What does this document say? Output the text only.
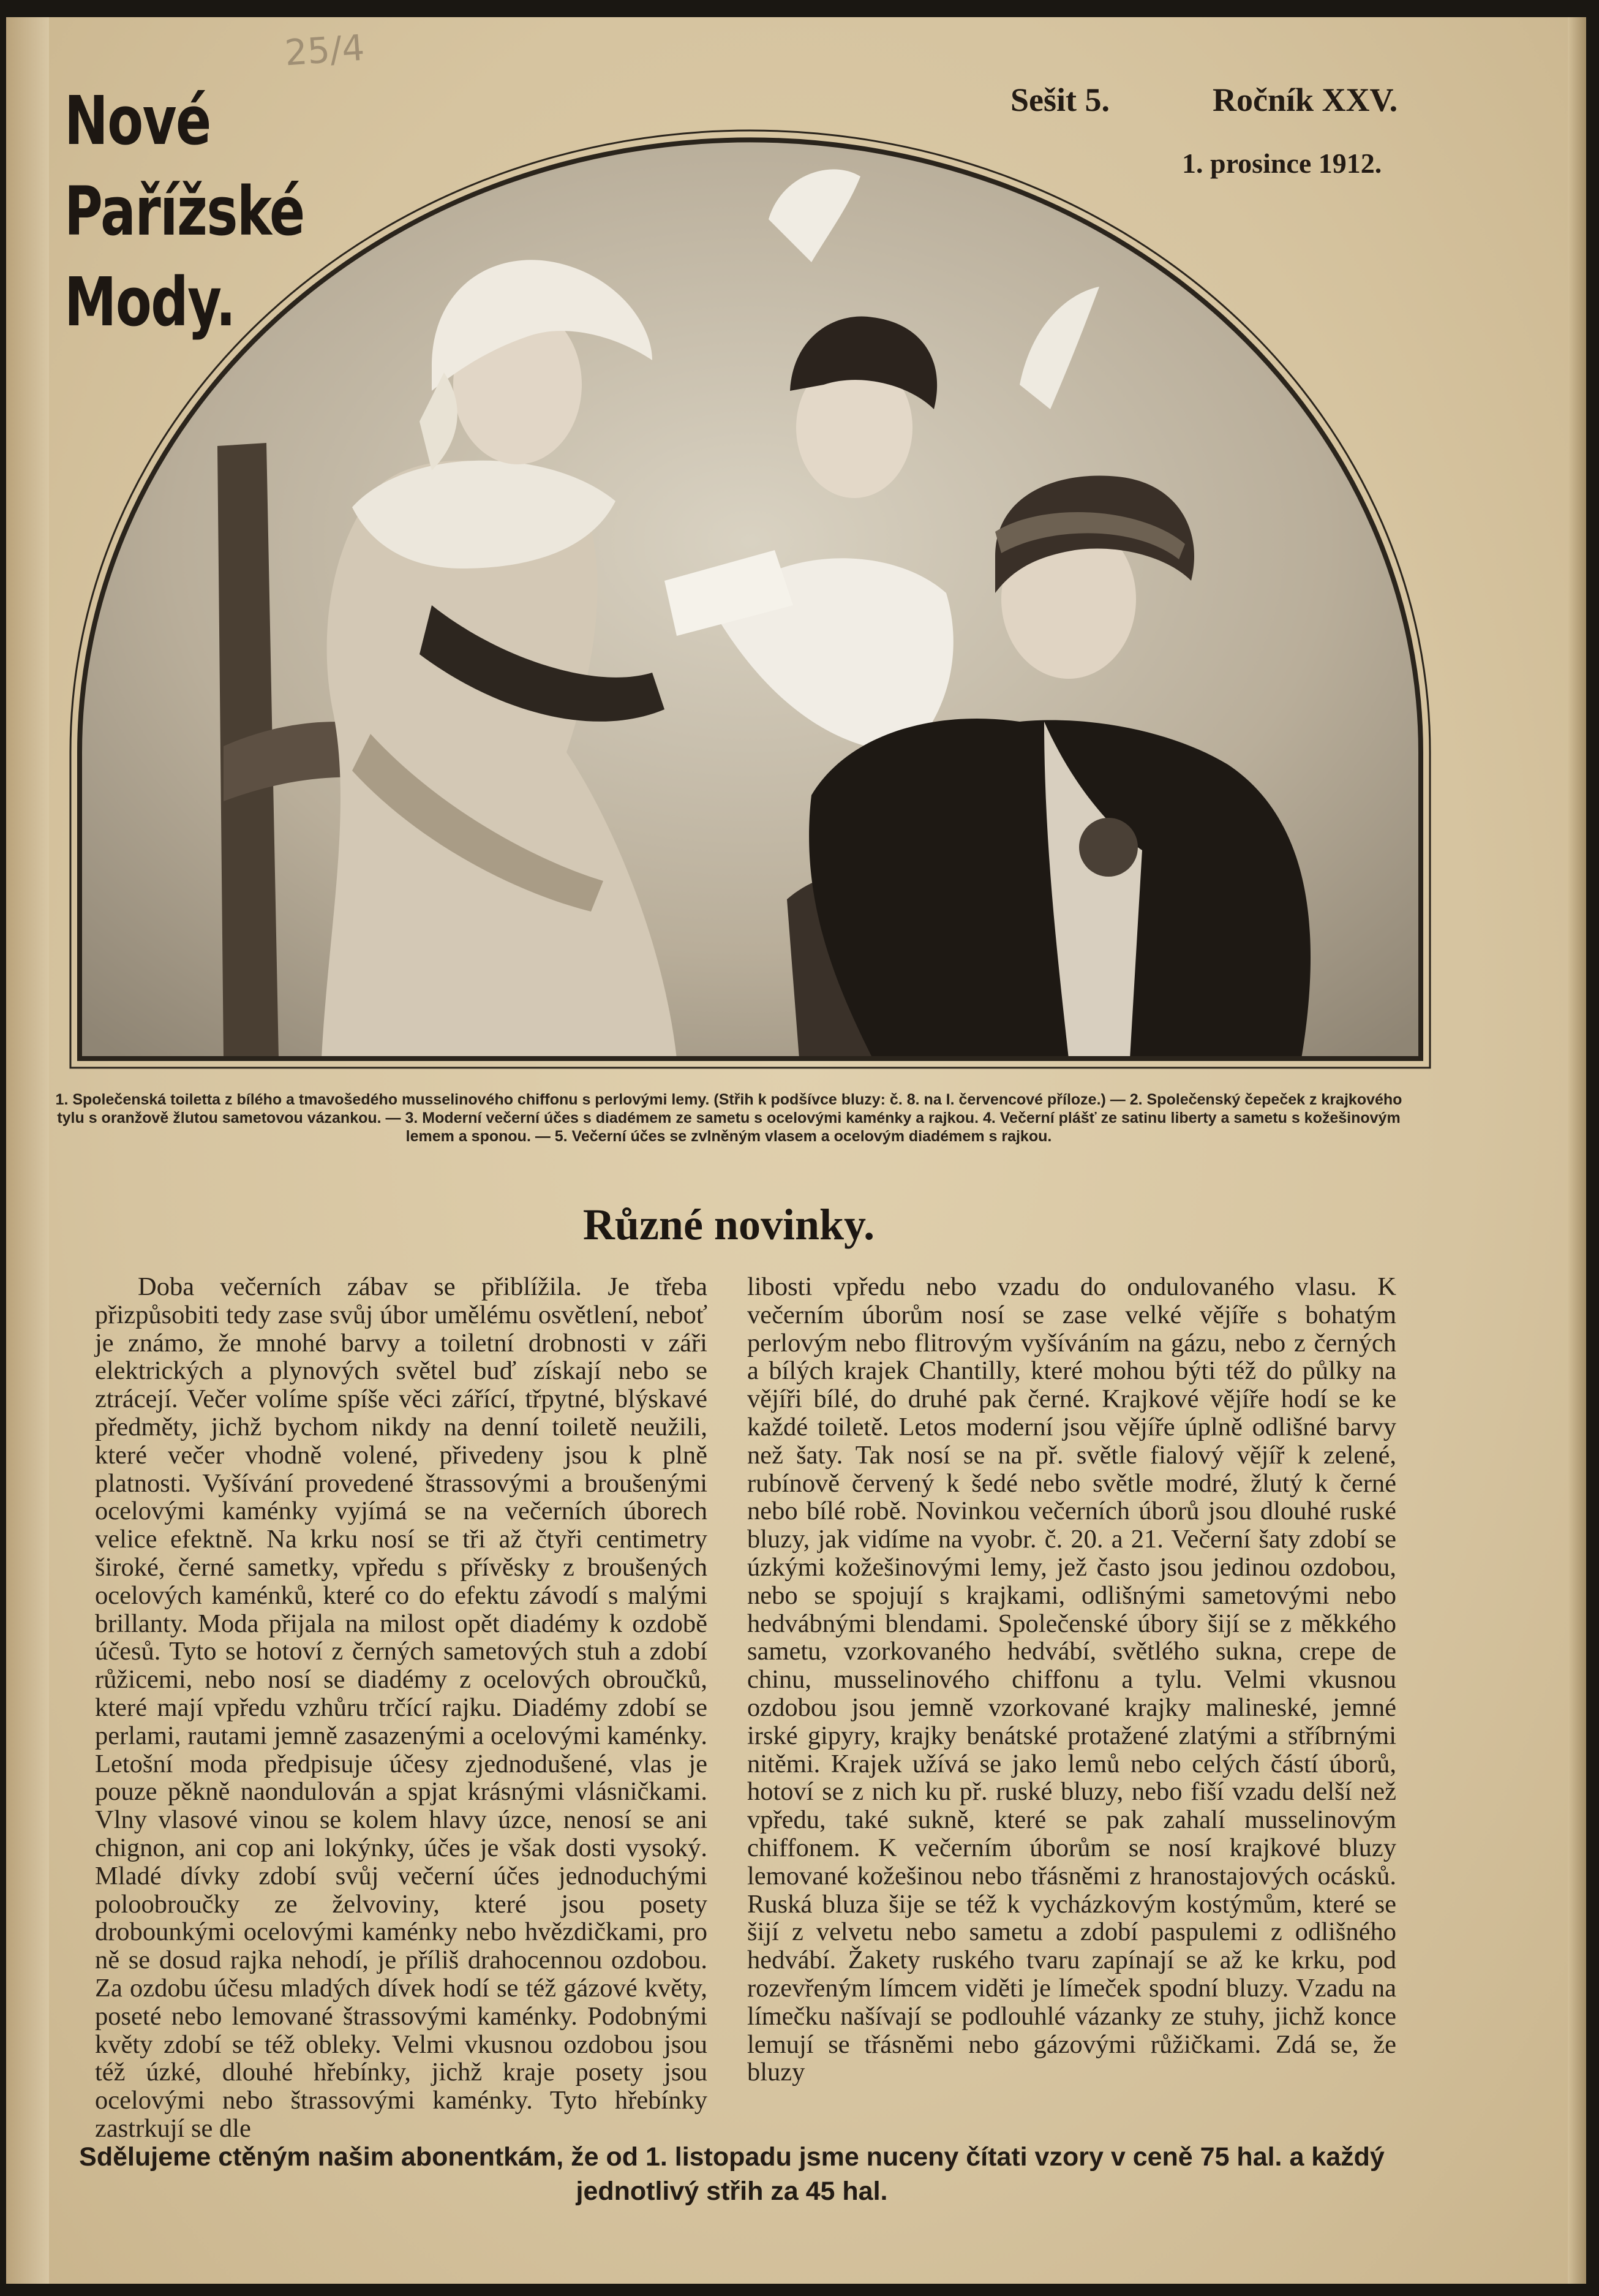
25/4
Nové Pařížské
Mody.
Sešit 5.	Ročník XXV.
1. prosince 1912.
1. Společenská toiletta z bílého a tmavošedého musselinového chiffonu s perlovými lemy. (Střih k podšívce bluzy: č. 8. na I. červencové příloze.) — 2. Společenský čepeček z krajkového tylu s oranžově žlutou sametovou vázankou. — 3. Moderní večerní účes s diadémem ze sametu s ocelovými kaménky a rajkou. 4. Večerní plášť ze satinu liberty a sametu s kožešinovým lemem a sponou. — 5. Večerní účes se zvlněným vlasem a ocelovým diadémem s rajkou.
Různé novinky.

Doba večerních zábav se přiblížila. Je třeba přizpůsobiti tedy zase svůj úbor umělému osvětlení, neboť je známo, že mnohé barvy a toiletní drobnosti v záři elektrických a plynových světel buď získají nebo se ztrácejí. Večer volíme spíše věci zářící, třpytné, blýskavé předměty, jichž bychom nikdy na denní toiletě neužili, které večer vhodně volené, přivedeny jsou k plně platnosti. Vyšívání provedené štrassovými a broušenými ocelovými kaménky vyjímá se na večerních úborech velice efektně. Na krku nosí se tři až čtyři centimetry široké, černé sametky, vpředu s přívěsky z broušených ocelových kaménků, které co do efektu závodí s malými brillanty. Moda přijala na milost opět diadémy k ozdobě účesů. Tyto se hotoví z černých sametových stuh a zdobí růžicemi, nebo nosí se diadémy z ocelových obroučků, které mají vpředu vzhůru trčící rajku. Diadémy zdobí se perlami, rautami jemně zasazenými a ocelovými kaménky. Letošní moda předpisuje účesy zjednodušené, vlas je pouze pěkně naondulován a spjat krásnými vlásničkami. Vlny vlasové vinou se kolem hlavy úzce, nenosí se ani chignon, ani cop ani lokýnky, účes je však dosti vysoký. Mladé dívky zdobí svůj večerní účes jednoduchými poloobroučky ze želvoviny, které jsou posety drobounkými ocelovými kaménky nebo hvězdičkami, pro ně se dosud rajka nehodí, je příliš drahocennou ozdobou. Za ozdobu účesu mladých dívek hodí se též gázové květy, poseté nebo lemované štrassovými kaménky. Podobnými květy zdobí se též obleky. Velmi vkusnou ozdobou jsou též úzké, dlouhé hřebínky, jichž kraje posety jsou ocelovými nebo štrassovými kaménky. Tyto hřebínky zastrkují se dle

libosti vpředu nebo vzadu do ondulovaného vlasu. K večerním úborům nosí se zase velké vějíře s bohatým perlovým nebo flitrovým vyšíváním na gázu, nebo z černých a bílých krajek Chantilly, které mohou býti též do půlky na vějíři bílé, do druhé pak černé. Krajkové vějíře hodí se ke každé toiletě. Letos moderní jsou vějíře úplně odlišné barvy než šaty. Tak nosí se na př. světle fialový vějíř k zelené, rubínově červený k šedé nebo světle modré, žlutý k černé nebo bílé robě. Novinkou večerních úborů jsou dlouhé ruské bluzy, jak vidíme na vyobr. č. 20. a 21. Večerní šaty zdobí se úzkými kožešinovými lemy, jež často jsou jedinou ozdobou, nebo se spojují s krajkami, odlišnými sametovými nebo hedvábnými blendami. Společenské úbory šijí se z měkkého sametu, vzorkovaného hedvábí, světlého sukna, crepe de chinu, musselinového chiffonu a tylu. Velmi vkusnou ozdobou jsou jemně vzorkované krajky malineské, jemné irské gipyry, krajky benátské protažené zlatými a stříbrnými nitěmi. Krajek užívá se jako lemů nebo celých částí úborů, hotoví se z nich ku př. ruské bluzy, nebo fiší vzadu delší než vpředu, také sukně, které se pak zahalí musselinovým chiffonem. K večerním úborům se nosí krajkové bluzy lemované kožešinou nebo třásněmi z hranostajových ocásků. Ruská bluza šije se též k vycházkovým kostýmům, které se šijí z velvetu nebo sametu a zdobí paspulemi z odlišného hedvábí. Žakety ruského tvaru zapínají se až ke krku, pod rozevřeným límcem viděti je límeček spodní bluzy. Vzadu na límečku našívají se podlouhlé vázanky ze stuhy, jichž konce lemují se třásněmi nebo gázovými růžičkami. Zdá se, že bluzy

Sdělujeme ctěným našim abonentkám, že od 1. listopadu jsme nuceny čítati vzory v ceně 75 hal. a každý
jednotlivý střih za 45 hal.
